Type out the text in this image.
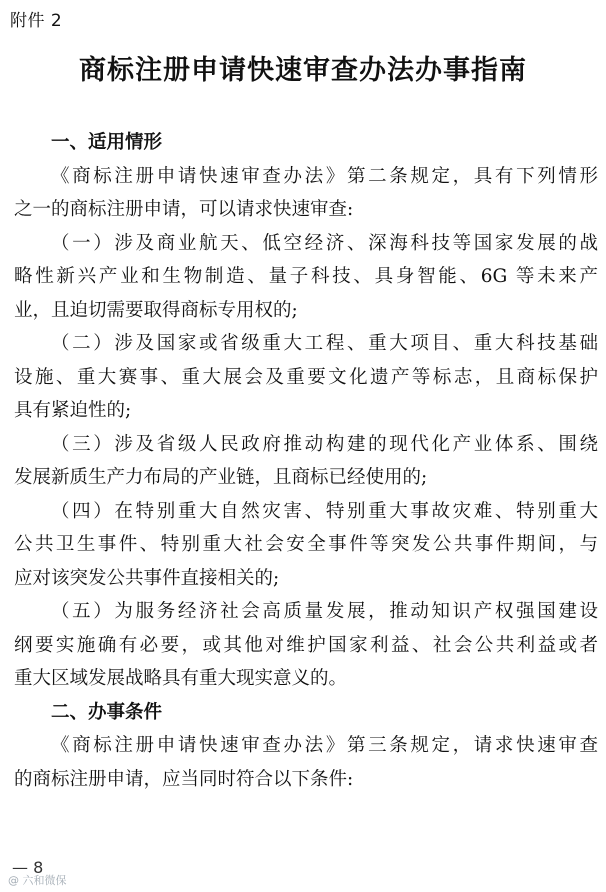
附件 2
商标注册申请快速审查办法办事指南
一、适用情形
《商标注册申请快速审查办法》第二条规定，具有下列情形
之一的商标注册申请，可以请求快速审查:
（一）涉及商业航天、低空经济、深海科技等国家发展的战
略性新兴产业和生物制造、量子科技、具身智能、6G 等未来产
业，且迫切需要取得商标专用权的;
（二）涉及国家或省级重大工程、重大项目、重大科技基础
设施、重大赛事、重大展会及重要文化遗产等标志，且商标保护
具有紧迫性的;
（三）涉及省级人民政府推动构建的现代化产业体系、围绕
发展新质生产力布局的产业链，且商标已经使用的;
（四）在特别重大自然灾害、特别重大事故灾难、特别重大
公共卫生事件、特别重大社会安全事件等突发公共事件期间，与
应对该突发公共事件直接相关的;
（五）为服务经济社会高质量发展，推动知识产权强国建设
纲要实施确有必要，或其他对维护国家利益、社会公共利益或者
重大区域发展战略具有重大现实意义的。
二、办事条件
《商标注册申请快速审查办法》第三条规定，请求快速审查
的商标注册申请，应当同时符合以下条件:
— 8
@ 六和微保
